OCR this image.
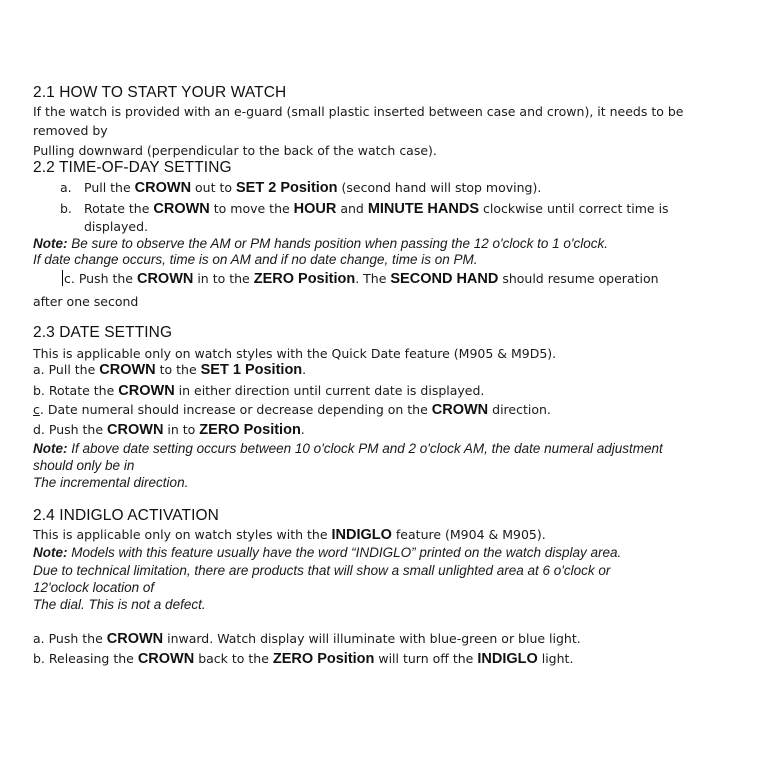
2.1 HOW TO START YOUR WATCH
If the watch is provided with an e-guard (small plastic inserted between case and crown), it needs to be
removed by
Pulling downward (perpendicular to the back of the watch case).
2.2 TIME-OF-DAY SETTING
a. Pull the CROWN out to SET 2 Position (second hand will stop moving).
b. Rotate the CROWN to move the HOUR and MINUTE HANDS clockwise until correct time is
displayed.
Note: Be sure to observe the AM or PM hands position when passing the 12 o'clock to 1 o'clock.
If date change occurs, time is on AM and if no date change, time is on PM.
c. Push the CROWN in to the ZERO Position. The SECOND HAND should resume operation
after one second
2.3 DATE SETTING
This is applicable only on watch styles with the Quick Date feature (M905 & M9D5).
a. Pull the CROWN to the SET 1 Position.
b. Rotate the CROWN in either direction until current date is displayed.
c. Date numeral should increase or decrease depending on the CROWN direction.
d. Push the CROWN in to ZERO Position.
Note: If above date setting occurs between 10 o'clock PM and 2 o'clock AM, the date numeral adjustment
should only be in
The incremental direction.
2.4 INDIGLO ACTIVATION
This is applicable only on watch styles with the INDIGLO feature (M904 & M905).
Note: Models with this feature usually have the word “INDIGLO” printed on the watch display area.
Due to technical limitation, there are products that will show a small unlighted area at 6 o'clock or
12'oclock location of
The dial. This is not a defect.
a. Push the CROWN inward. Watch display will illuminate with blue-green or blue light.
b. Releasing the CROWN back to the ZERO Position will turn off the INDIGLO light.
